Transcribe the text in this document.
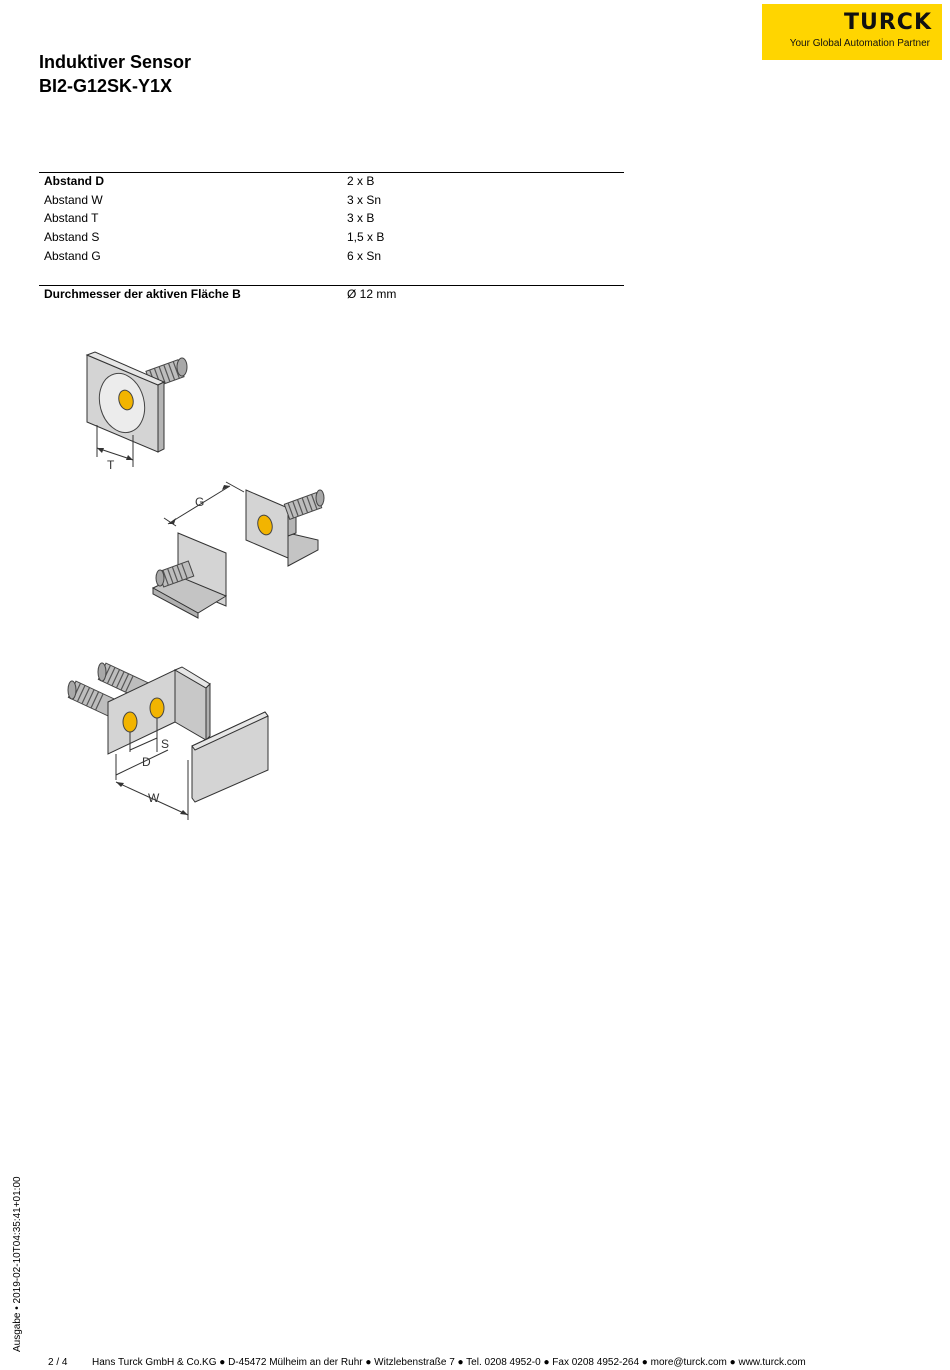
TURCK
Your Global Automation Partner
Induktiver Sensor
BI2-G12SK-Y1X
Abstand D	2 x B
Abstand W	3 x Sn
Abstand T	3 x B
Abstand S	1,5 x B
Abstand G	6 x Sn
Durchmesser der aktiven Fläche B	Ø 12 mm
T
G
S
D
W
Ausgabe • 2019-02-10T04:35:41+01:00
2 / 4 Hans Turck GmbH & Co.KG ● D-45472 Mülheim an der Ruhr ● Witzlebenstraße 7 ● Tel. 0208 4952-0 ● Fax 0208 4952-264 ● more@turck.com ● www.turck.com
